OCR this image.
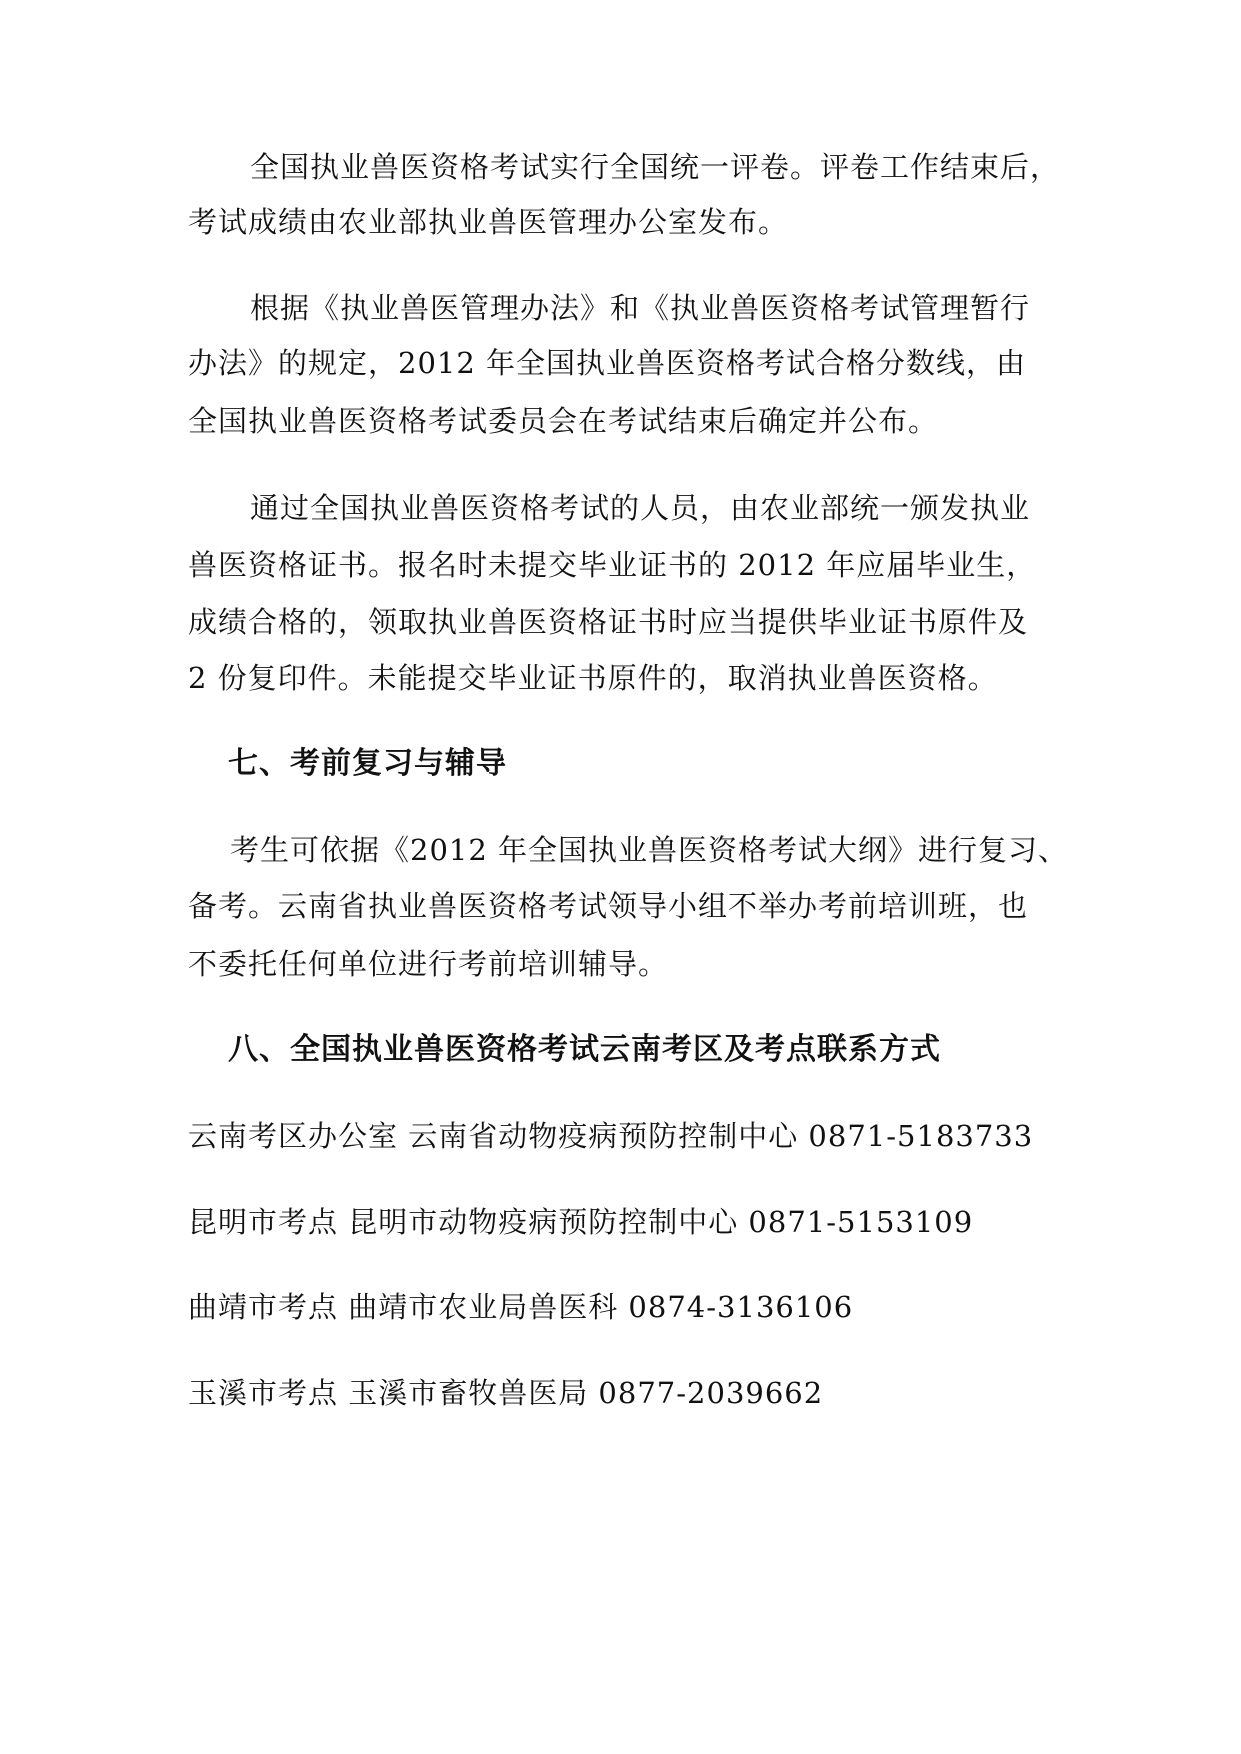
全国执业兽医资格考试实行全国统一评卷。评卷工作结束后，
考试成绩由农业部执业兽医管理办公室发布。
根据《执业兽医管理办法》和《执业兽医资格考试管理暂行
办法》的规定，2012 年全国执业兽医资格考试合格分数线，由
全国执业兽医资格考试委员会在考试结束后确定并公布。
通过全国执业兽医资格考试的人员，由农业部统一颁发执业
兽医资格证书。报名时未提交毕业证书的 2012 年应届毕业生，
成绩合格的，领取执业兽医资格证书时应当提供毕业证书原件及
2 份复印件。未能提交毕业证书原件的，取消执业兽医资格。
七、考前复习与辅导
考生可依据《2012 年全国执业兽医资格考试大纲》进行复习、
备考。云南省执业兽医资格考试领导小组不举办考前培训班，也
不委托任何单位进行考前培训辅导。
八、全国执业兽医资格考试云南考区及考点联系方式
云南考区办公室 云南省动物疫病预防控制中心 0871-5183733
昆明市考点 昆明市动物疫病预防控制中心 0871-5153109
曲靖市考点 曲靖市农业局兽医科 0874-3136106
玉溪市考点 玉溪市畜牧兽医局 0877-2039662
